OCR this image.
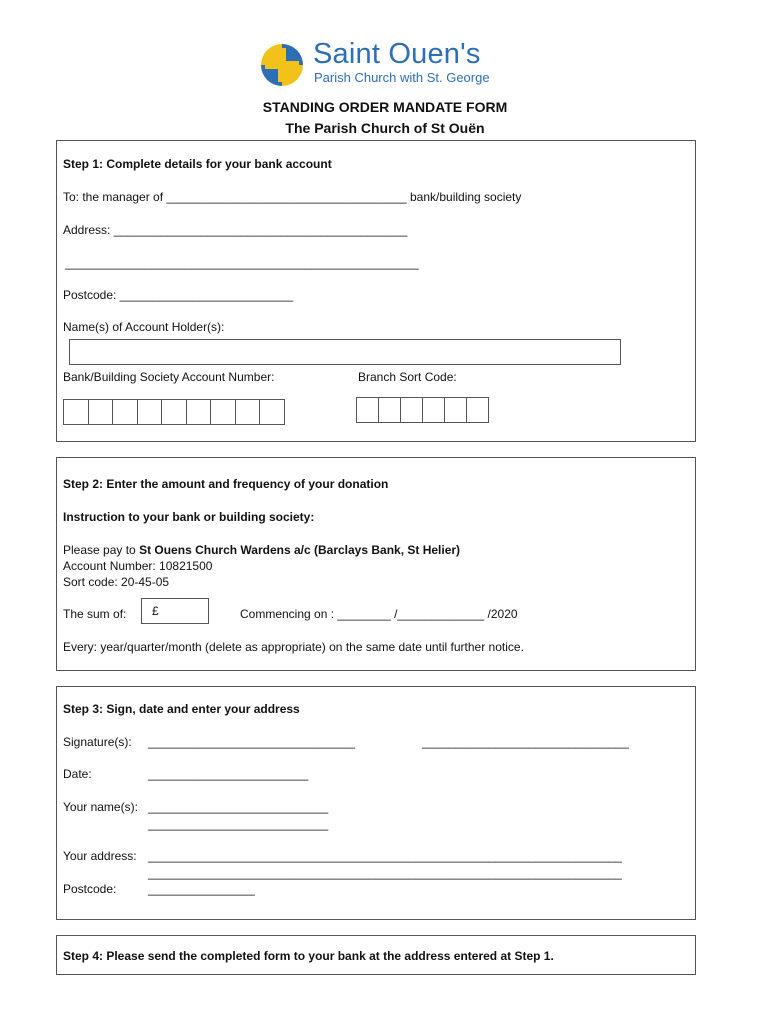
Saint Ouen's
Parish Church with St. George
STANDING ORDER MANDATE FORM
The Parish Church of St Ouën
Step 1: Complete details for your bank account
To: the manager of ____________________________________ bank/building society
Address: ____________________________________________
_____________________________________________________
Postcode: __________________________
Name(s) of Account Holder(s):
Bank/Building Society Account Number:	Branch Sort Code:
Step 2: Enter the amount and frequency of your donation
Instruction to your bank or building society:
Please pay to St Ouens Church Wardens a/c (Barclays Bank, St Helier)
Account Number: 10821500
Sort code: 20-45-05
The sum of:	£	Commencing on : ________ /_____________ /2020
Every: year/quarter/month (delete as appropriate) on the same date until further notice.
Step 3: Sign, date and enter your address
Signature(s): _______________________________	_______________________________
Date:	________________________
Your name(s): ___________________________
___________________________
Your address: _______________________________________________________________________
_______________________________________________________________________
Postcode:	________________
Step 4: Please send the completed form to your bank at the address entered at Step 1.
